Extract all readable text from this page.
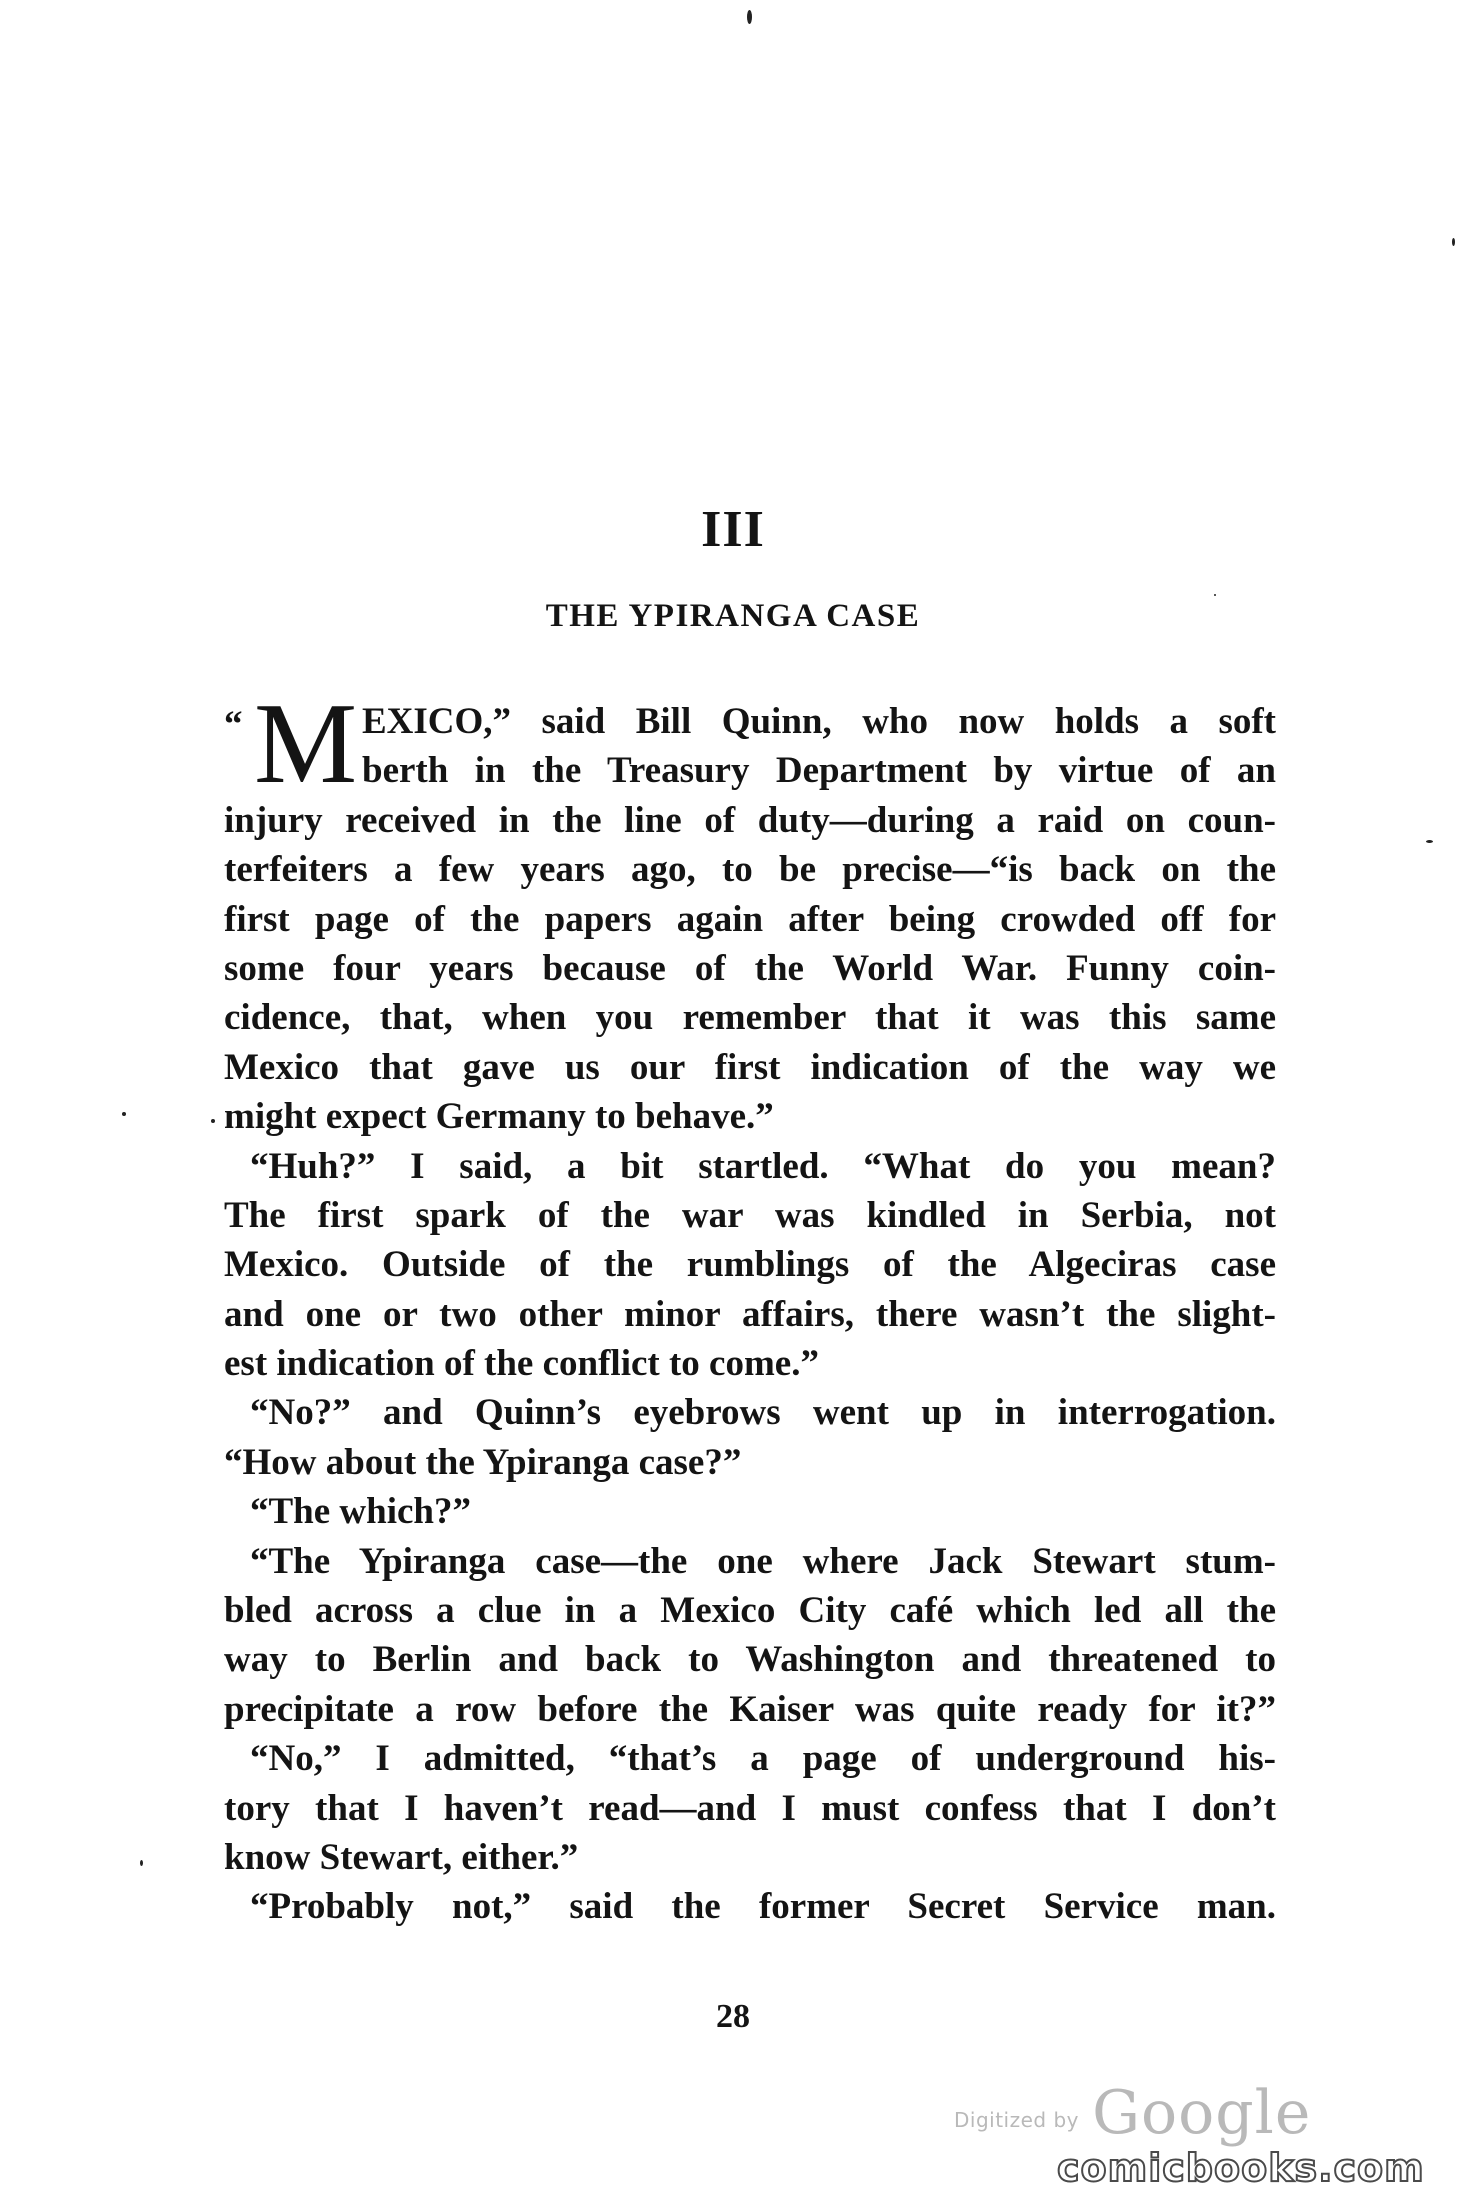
III
THE YPIRANGA CASE
“ M EXICO,” said Bill Quinn, who now holds a soft
berth in the Treasury Department by virtue of an
injury received in the line of duty—during a raid on coun-
terfeiters a few years ago, to be precise—“is back on the
first page of the papers again after being crowded off for
some four years because of the World War. Funny coin-
cidence, that, when you remember that it was this same
Mexico that gave us our first indication of the way we
might expect Germany to behave.”
“Huh?” I said, a bit startled. “What do you mean?
The first spark of the war was kindled in Serbia, not
Mexico. Outside of the rumblings of the Algeciras case
and one or two other minor affairs, there wasn’t the slight-
est indication of the conflict to come.”
“No?” and Quinn’s eyebrows went up in interrogation.
“How about the Ypiranga case?”
“The which?”
“The Ypiranga case—the one where Jack Stewart stum-
bled across a clue in a Mexico City café which led all the
way to Berlin and back to Washington and threatened to
precipitate a row before the Kaiser was quite ready for it?”
“No,” I admitted, “that’s a page of underground his-
tory that I haven’t read—and I must confess that I don’t
know Stewart, either.”
“Probably not,” said the former Secret Service man.
28
Digitized by Google
comicbooks.com
